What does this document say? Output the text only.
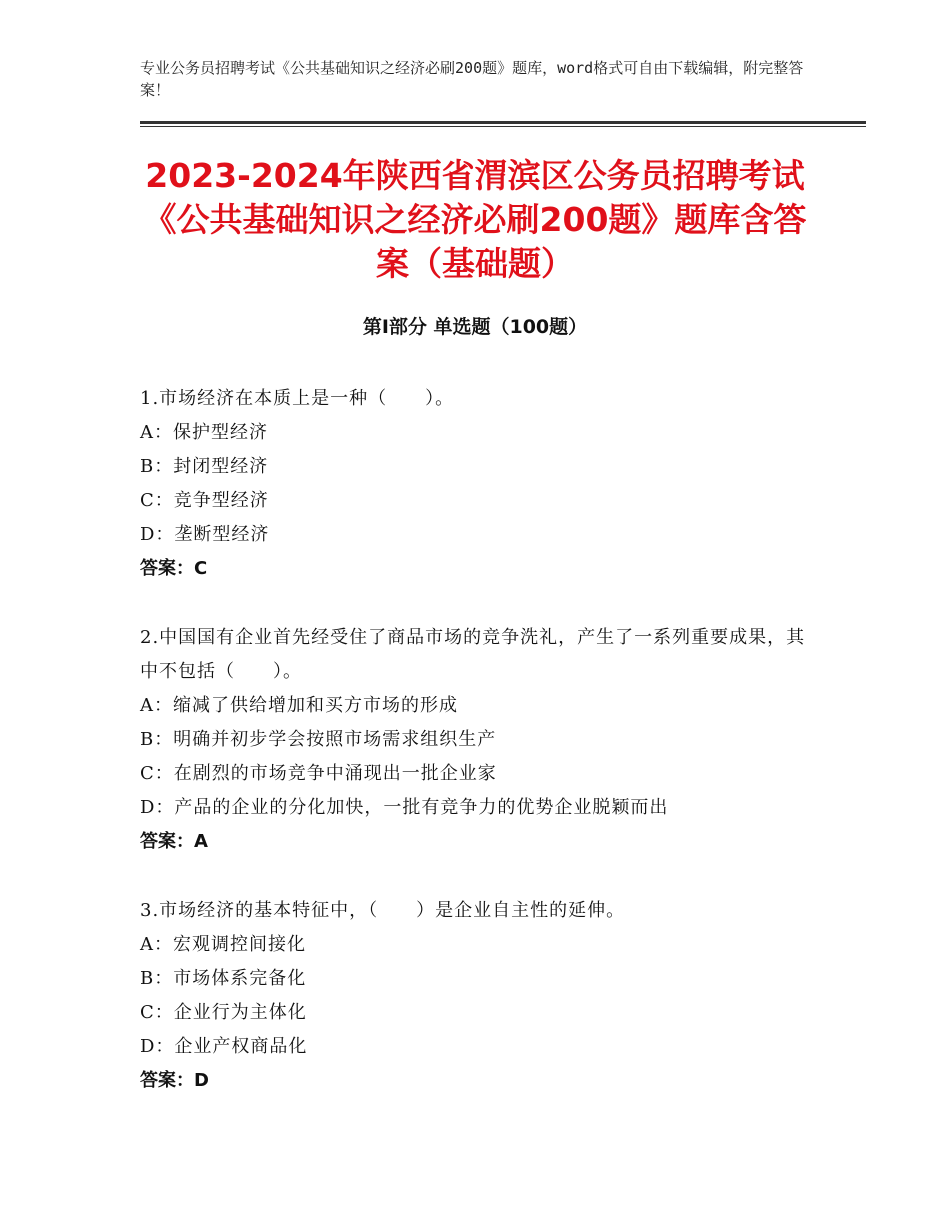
专业公务员招聘考试《公共基础知识之经济必刷200题》题库，word格式可自由下载编辑，附完整答案！
2023-2024年陕西省渭滨区公务员招聘考试《公共基础知识之经济必刷200题》题库含答案（基础题）
第Ⅰ部分 单选题（100题）
1.市场经济在本质上是一种（　　）。
A：保护型经济
B：封闭型经济
C：竞争型经济
D：垄断型经济
答案：C
2.中国国有企业首先经受住了商品市场的竞争洗礼，产生了一系列重要成果，其中不包括（　　）。
A：缩减了供给增加和买方市场的形成
B：明确并初步学会按照市场需求组织生产
C：在剧烈的市场竞争中涌现出一批企业家
D：产品的企业的分化加快，一批有竞争力的优势企业脱颖而出
答案：A
3.市场经济的基本特征中，（　　）是企业自主性的延伸。
A：宏观调控间接化
B：市场体系完备化
C：企业行为主体化
D：企业产权商品化
答案：D
